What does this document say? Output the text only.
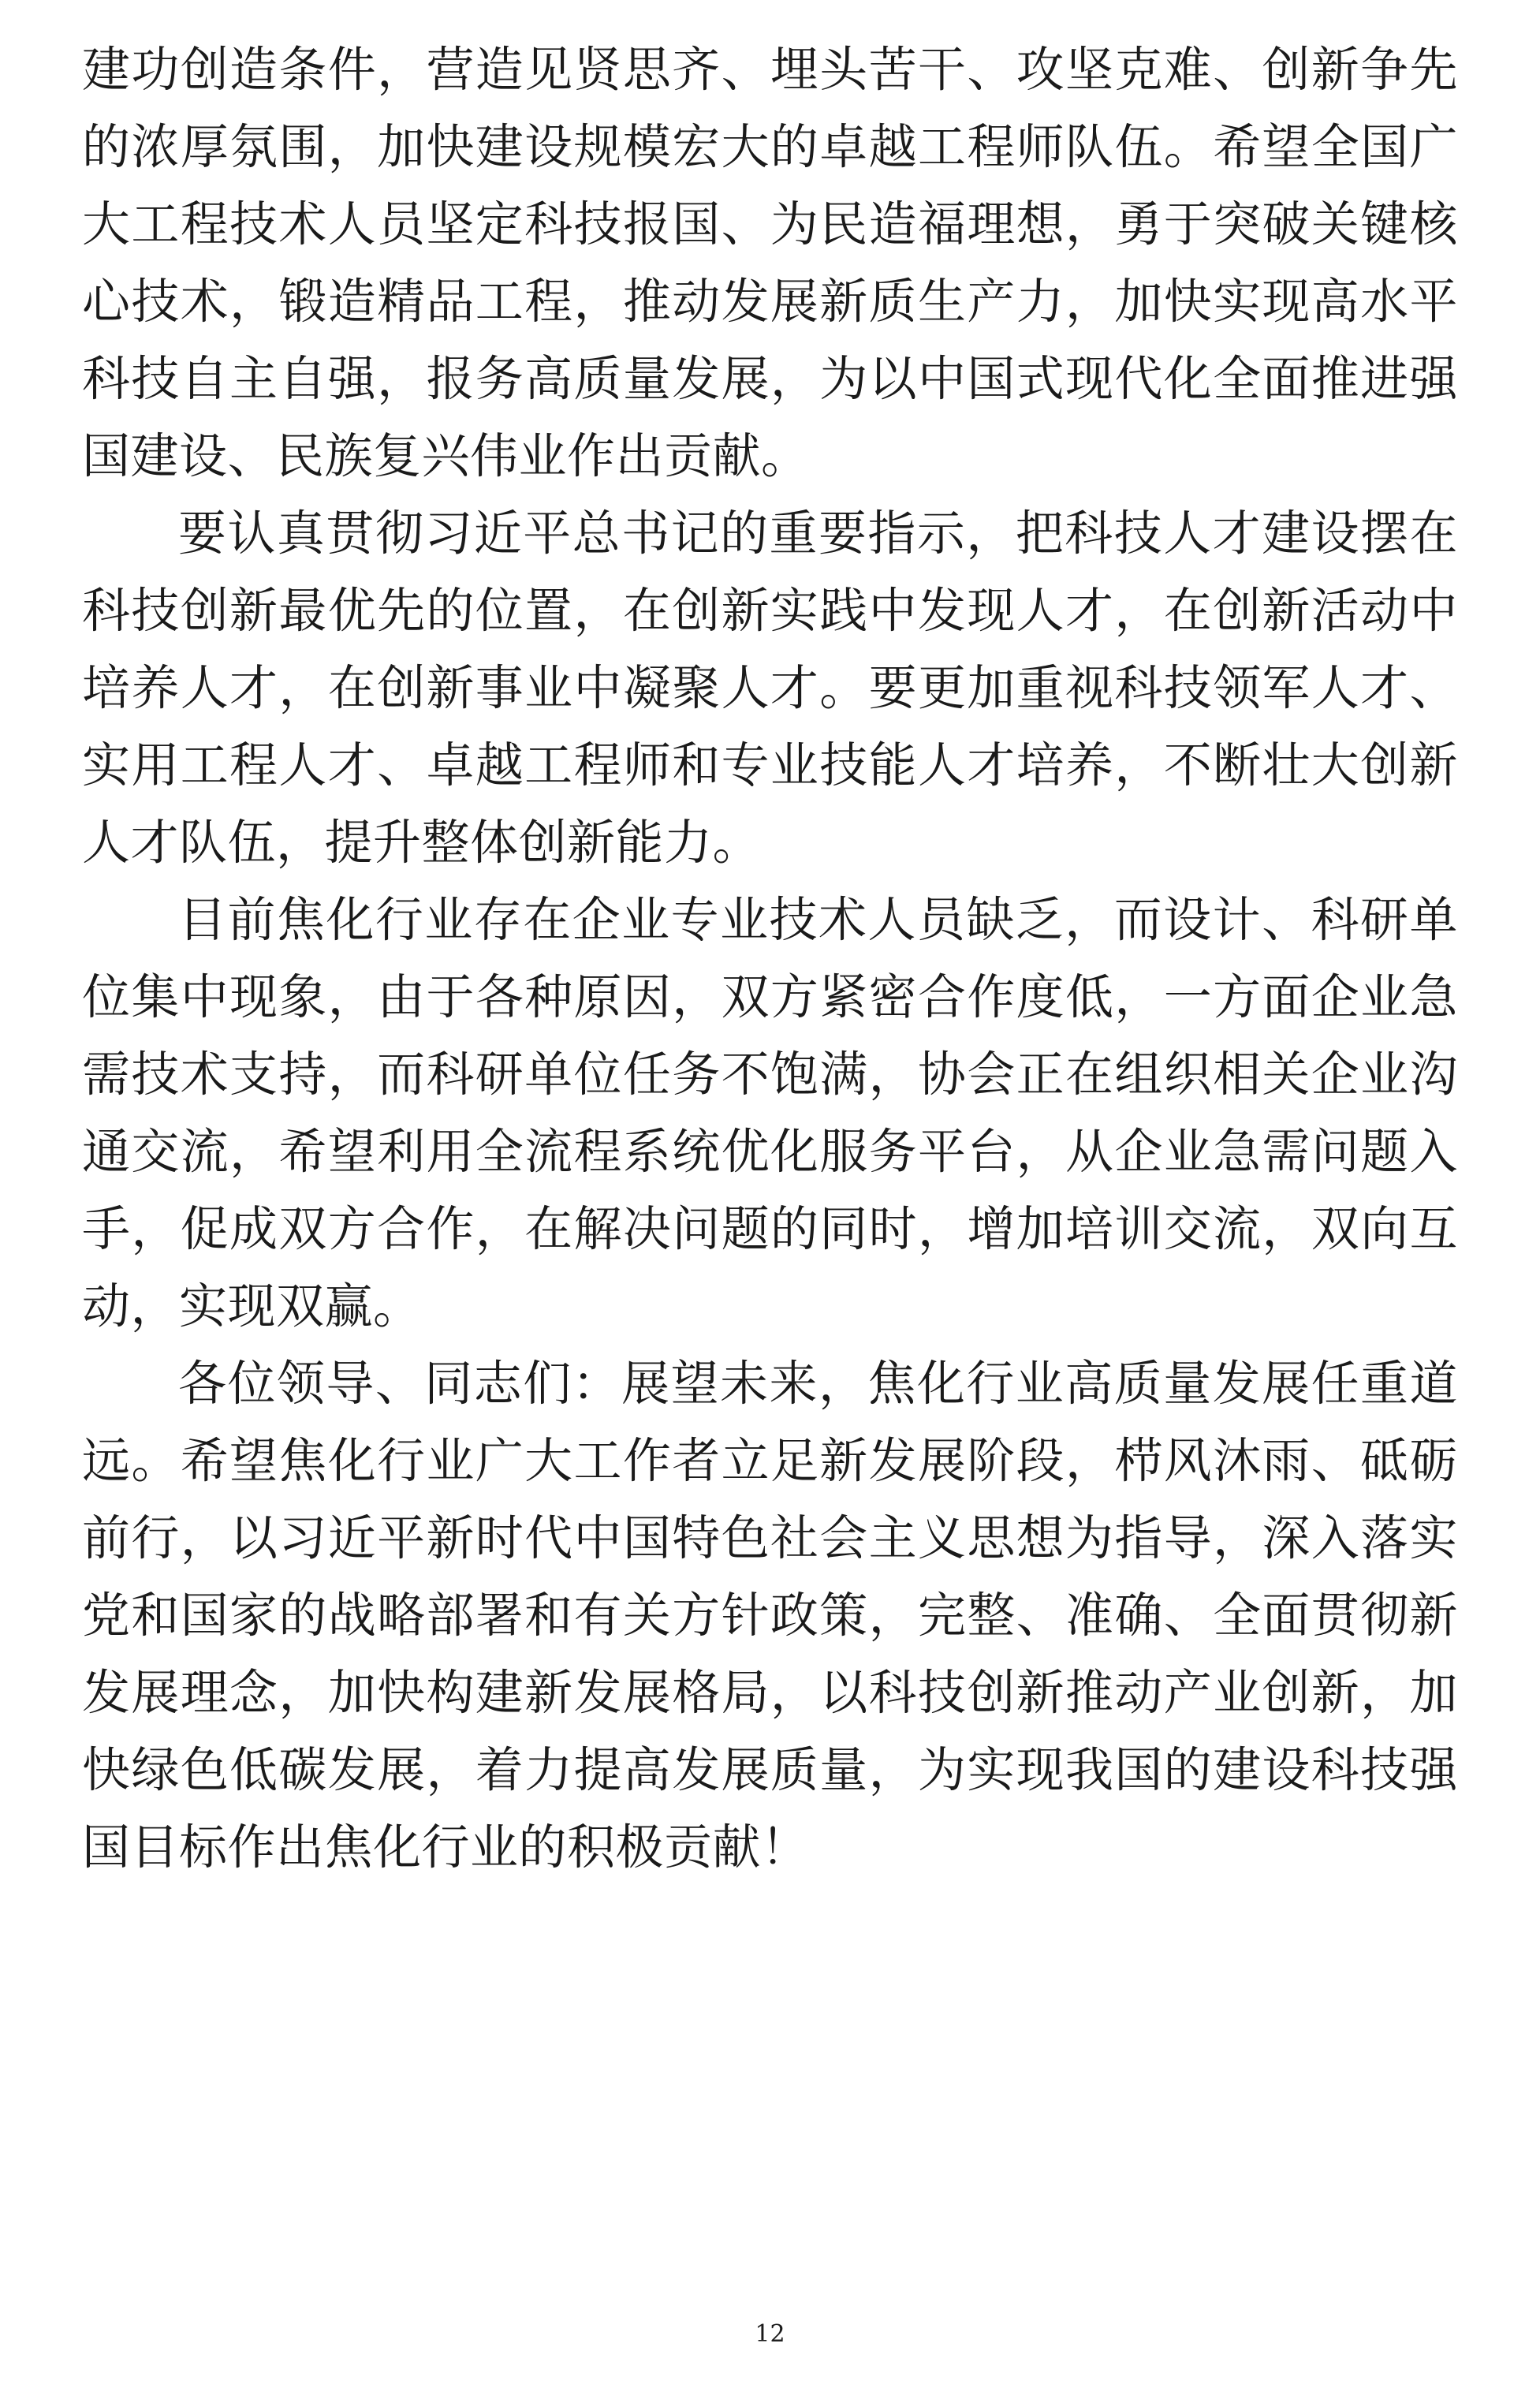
建功创造条件，营造见贤思齐、埋头苦干、攻坚克难、创新争先的浓厚氛围，加快建设规模宏大的卓越工程师队伍。希望全国广大工程技术人员坚定科技报国、为民造福理想，勇于突破关键核心技术，锻造精品工程，推动发展新质生产力，加快实现高水平科技自主自强，报务高质量发展，为以中国式现代化全面推进强国建设、民族复兴伟业作出贡献。

要认真贯彻习近平总书记的重要指示，把科技人才建设摆在科技创新最优先的位置，在创新实践中发现人才，在创新活动中培养人才，在创新事业中凝聚人才。要更加重视科技领军人才、实用工程人才、卓越工程师和专业技能人才培养，不断壮大创新人才队伍，提升整体创新能力。

目前焦化行业存在企业专业技术人员缺乏，而设计、科研单位集中现象，由于各种原因，双方紧密合作度低，一方面企业急需技术支持，而科研单位任务不饱满，协会正在组织相关企业沟通交流，希望利用全流程系统优化服务平台，从企业急需问题入手，促成双方合作，在解决问题的同时，增加培训交流，双向互动，实现双赢。

各位领导、同志们：展望未来，焦化行业高质量发展任重道远。希望焦化行业广大工作者立足新发展阶段，栉风沐雨、砥砺前行，以习近平新时代中国特色社会主义思想为指导，深入落实党和国家的战略部署和有关方针政策，完整、准确、全面贯彻新发展理念，加快构建新发展格局，以科技创新推动产业创新，加快绿色低碳发展，着力提高发展质量，为实现我国的建设科技强国目标作出焦化行业的积极贡献！

12
